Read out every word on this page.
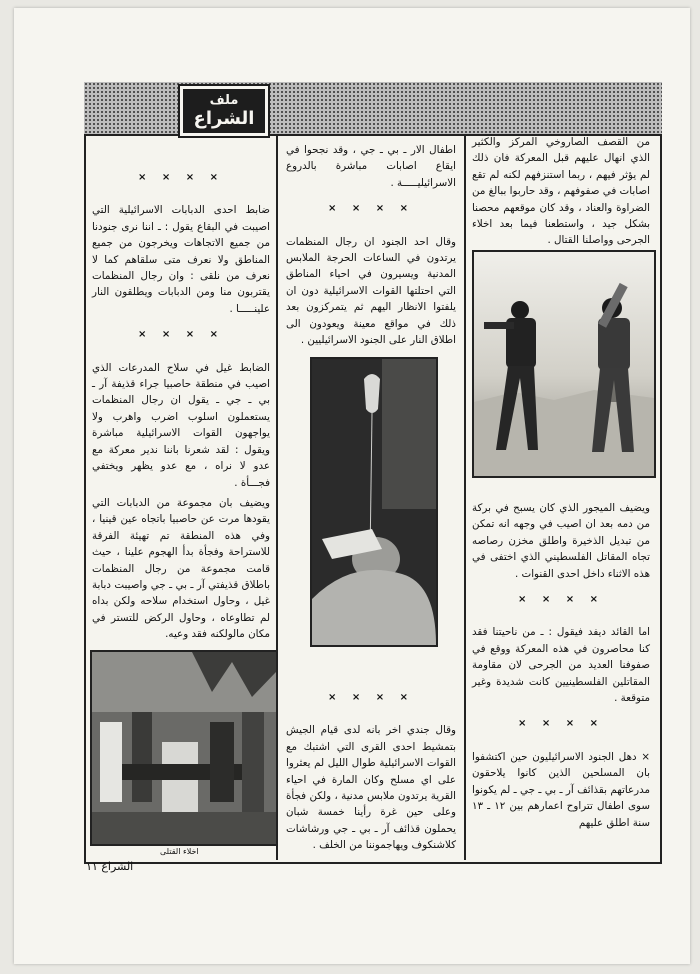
ملف
الشراع

من القصف الصاروخي المركز والكثير الذي انهال عليهم قبل المعركة فان ذلك لم يؤثر فيهم ، ربما استنزفهم لكنه لم تقع اصابات في صفوفهم ، وقد حاربوا ببالغ من الضراوة والعناد ، وقد كان موقعهم محصنا بشكل جيد ، واستطعنا فيما بعد اخلاء الجرحى وواصلنا القتال .

ويضيف الميجور الذي كان يسبح في بركة من دمه بعد ان اصيب في وجهه انه تمكن من تبديل الذخيرة واطلق مخزن رصاصه تجاه المقاتل الفلسطيني الذي اختفى في هذه الاثناء داخل احدى القنوات .

× × × ×

اما القائد ديفد فيقول : ـ من ناحيتنا فقد كنا محاصرون في هذه المعركة ووقع في صفوفنا العديد من الجرحى لان مقاومة المقاتلين الفلسطينيين كانت شديدة وغير متوقعة .

× × × ×

× دهل الجنود الاسرائيليون حين اكتشفوا بان المسلحين الذين كانوا يلاحقون مدرعاتهم بقذائف آر ـ بي ـ جي ـ لم يكونوا سوى اطفال تتراوح اعمارهم بين ١٢ ـ ١٣ سنة اطلق عليهم

اطفال الار ـ بي ـ جي ، وقد نجحوا في ايقاع اصابات مباشرة بالدروع الاسرائيليـــــة .

× × × ×

وقال احد الجنود ان رجال المنظمات يرتدون في الساعات الحرجة الملابس المدنية ويسيرون في احياء المناطق التي احتلتها القوات الاسرائيلية دون ان يلفتوا الانظار اليهم ثم يتمركزون بعد ذلك في مواقع معينة ويعودون الى اطلاق النار على الجنود الاسرائيليين .

× × × ×

وقال جندي اخر بانه لدى قيام الجيش بتمشيط احدى القرى التي اشتبك مع القوات الاسرائيلية طوال الليل لم يعثروا على اي مسلح وكان المارة في احياء القرية يرتدون ملابس مدنية ، ولكن فجأة وعلى حين غرة رأينا خمسة شبان يحملون قذائف آر ـ بي ـ جي ورشاشات كلاشنكوف ويهاجموننا من الخلف .

× × × ×

ضابط احدى الدبابات الاسرائيلية التي اصيبت في البقاع يقول : ـ اننا نرى جنودنا من جميع الاتجاهات ويخرجون من جميع المناطق ولا نعرف متى سلقاهم كما لا نعرف من نلقى : وان رجال المنظمات يقتربون منا ومن الدبابات ويطلقون النار علينـــــا .

× × × ×

الضابط غيل في سلاح المدرعات الذي اصيب في منطقة حاصبيا جراء قذيفة آر ـ بي ـ جي ـ يقول ان رجال المنظمات يستعملون اسلوب اضرب واهرب ولا يواجهون القوات الاسرائيلية مباشرة ويقول : لقد شعرنا باننا ندير معركة مع عدو لا نراه ، مع عدو يظهر ويختفي فجـــأة .

ويضيف بان مجموعة من الدبابات التي يقودها مرت عن حاصبيا باتجاه عين قينيا ، وفي هذه المنطقة تم تهيئة الفرقة للاستراحة وفجأة بدأ الهجوم علينا ، حيث قامت مجموعة من رجال المنظمات باطلاق قذيفتي آر ـ بي ـ جي واصيبت دبابة غيل ، وحاول استخدام سلاحه ولكن بداه لم تطاوعاه ، وحاول الركض للتستر في مكان مالولكنه فقد وعيه.

اخلاء القتلى
الشراع ١١
